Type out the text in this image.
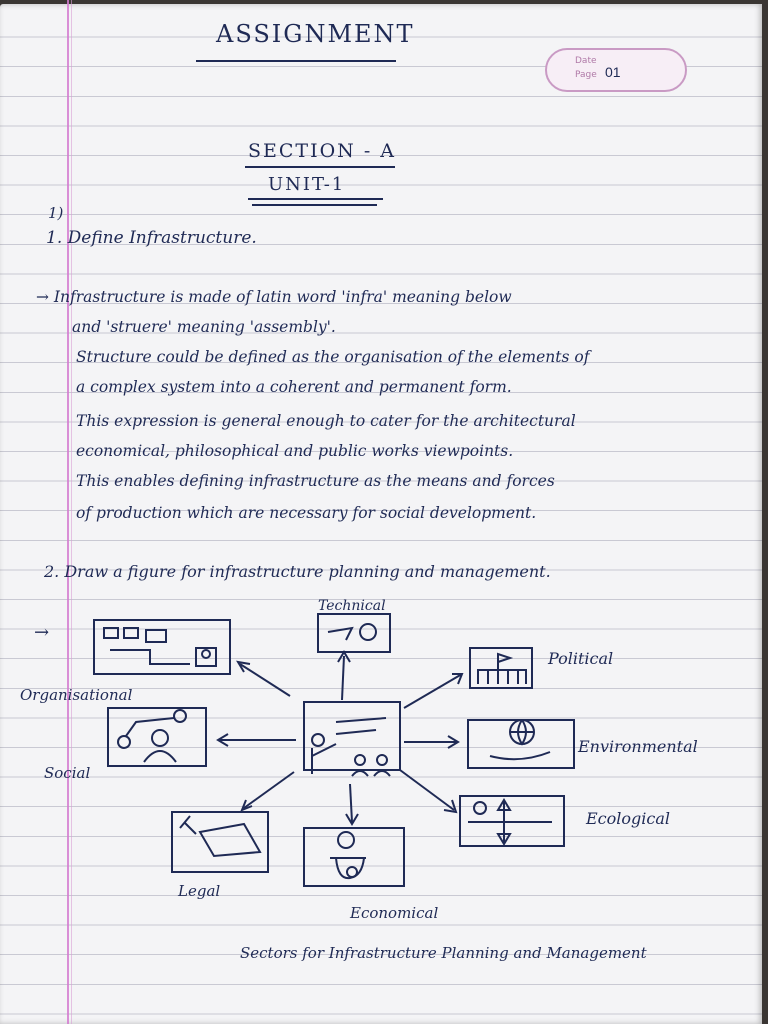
ASSIGNMENT
Date
Page 01
SECTION - A
UNIT-1
1)
1. Define Infrastructure.
→ Infrastructure is made of latin word 'infra' meaning below
and 'struere' meaning 'assembly'.
Structure could be defined as the organisation of the elements of
a complex system into a coherent and permanent form.
This expression is general enough to cater for the architectural
economical, philosophical and public works viewpoints.
This enables defining infrastructure as the means and forces
of production which are necessary for social development.
2. Draw a figure for infrastructure planning and management.
→
Technical
Political
Environmental
Ecological
Economical
Legal
Social
Organisational
Sectors for Infrastructure Planning and Management
